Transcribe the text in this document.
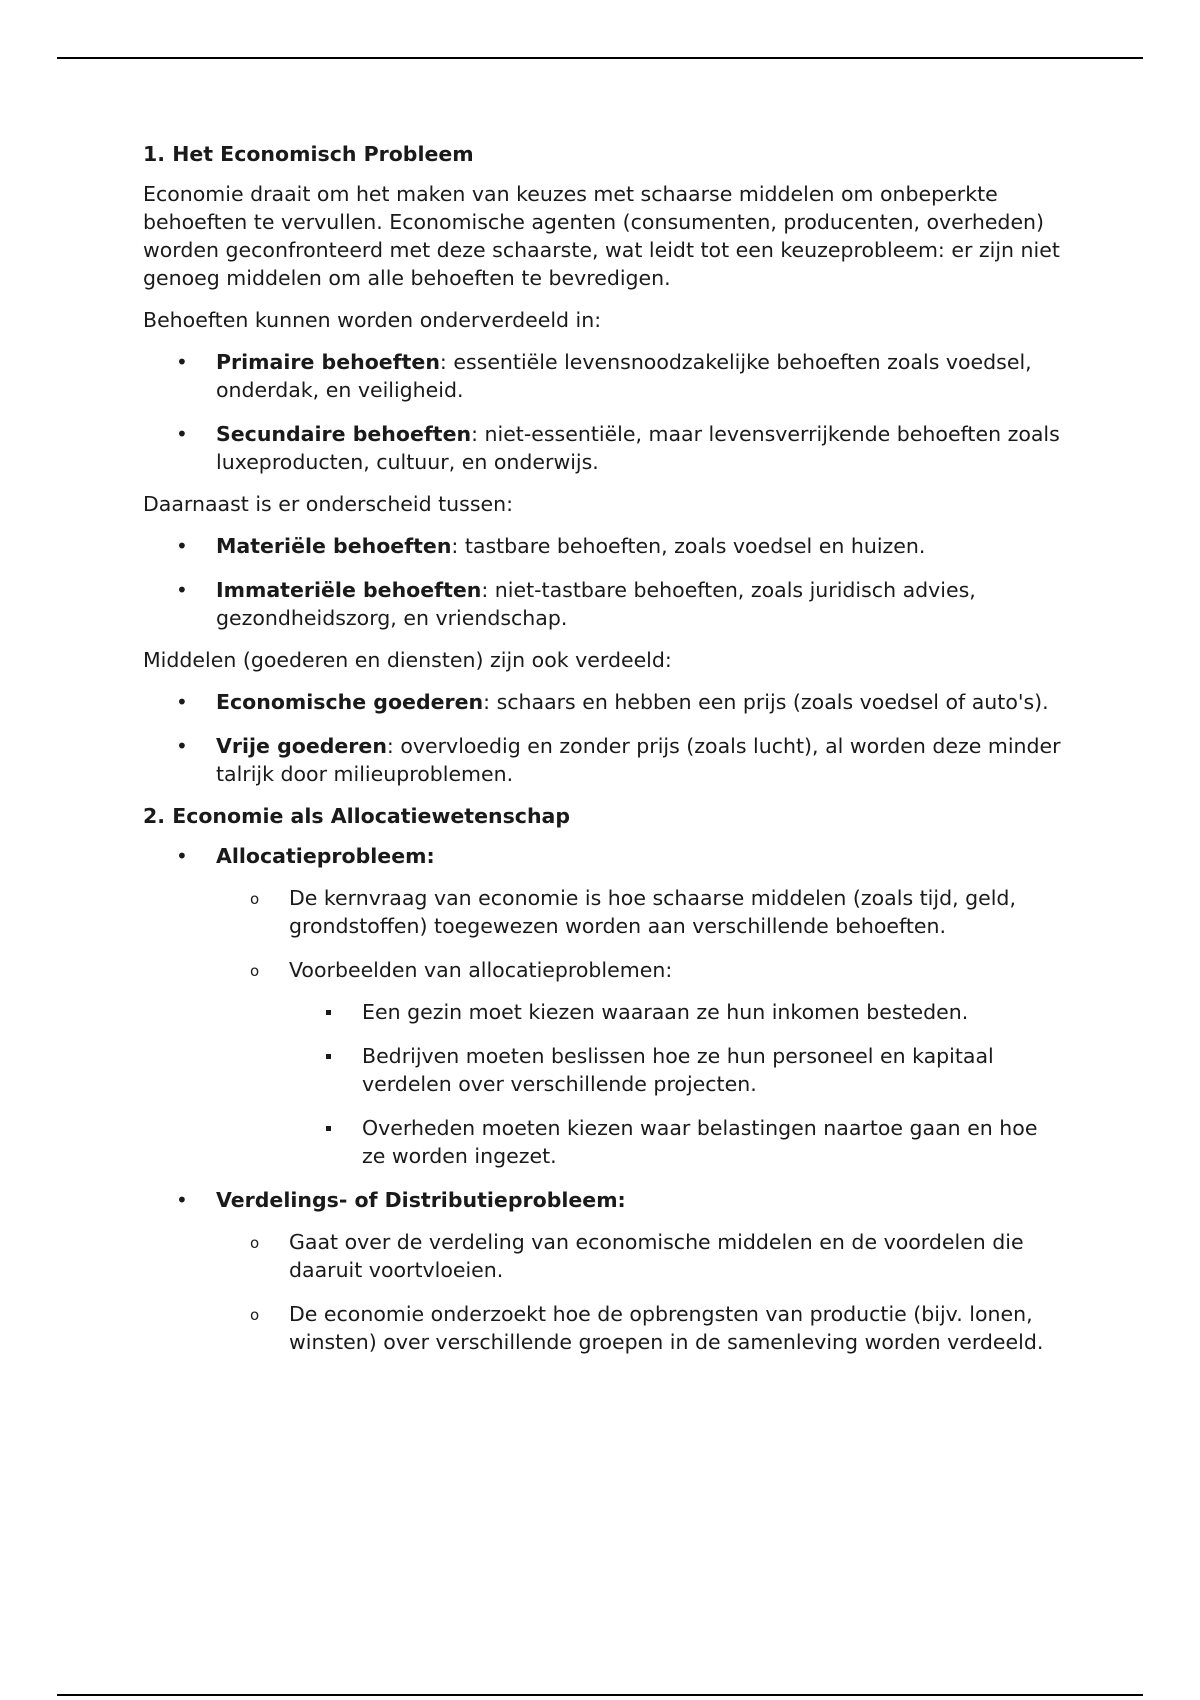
1. Het Economisch Probleem

Economie draait om het maken van keuzes met schaarse middelen om onbeperkte behoeften te vervullen. Economische agenten (consumenten, producenten, overheden) worden geconfronteerd met deze schaarste, wat leidt tot een keuzeprobleem: er zijn niet genoeg middelen om alle behoeften te bevredigen.

Behoeften kunnen worden onderverdeeld in:

• Primaire behoeften: essentiële levensnoodzakelijke behoeften zoals voedsel, onderdak, en veiligheid.
• Secundaire behoeften: niet-essentiële, maar levensverrijkende behoeften zoals luxeproducten, cultuur, en onderwijs.

Daarnaast is er onderscheid tussen:

• Materiële behoeften: tastbare behoeften, zoals voedsel en huizen.
• Immateriële behoeften: niet-tastbare behoeften, zoals juridisch advies, gezondheidszorg, en vriendschap.

Middelen (goederen en diensten) zijn ook verdeeld:

• Economische goederen: schaars en hebben een prijs (zoals voedsel of auto's).
• Vrije goederen: overvloedig en zonder prijs (zoals lucht), al worden deze minder talrijk door milieuproblemen.
2. Economie als Allocatiewetenschap
• Allocatieprobleem:
o De kernvraag van economie is hoe schaarse middelen (zoals tijd, geld, grondstoffen) toegewezen worden aan verschillende behoeften.
o Voorbeelden van allocatieproblemen:
Een gezin moet kiezen waaraan ze hun inkomen besteden.
Bedrijven moeten beslissen hoe ze hun personeel en kapitaal verdelen over verschillende projecten.
Overheden moeten kiezen waar belastingen naartoe gaan en hoe ze worden ingezet.
• Verdelings- of Distributieprobleem:
o Gaat over de verdeling van economische middelen en de voordelen die daaruit voortvloeien.
o De economie onderzoekt hoe de opbrengsten van productie (bijv. lonen, winsten) over verschillende groepen in de samenleving worden verdeeld.
